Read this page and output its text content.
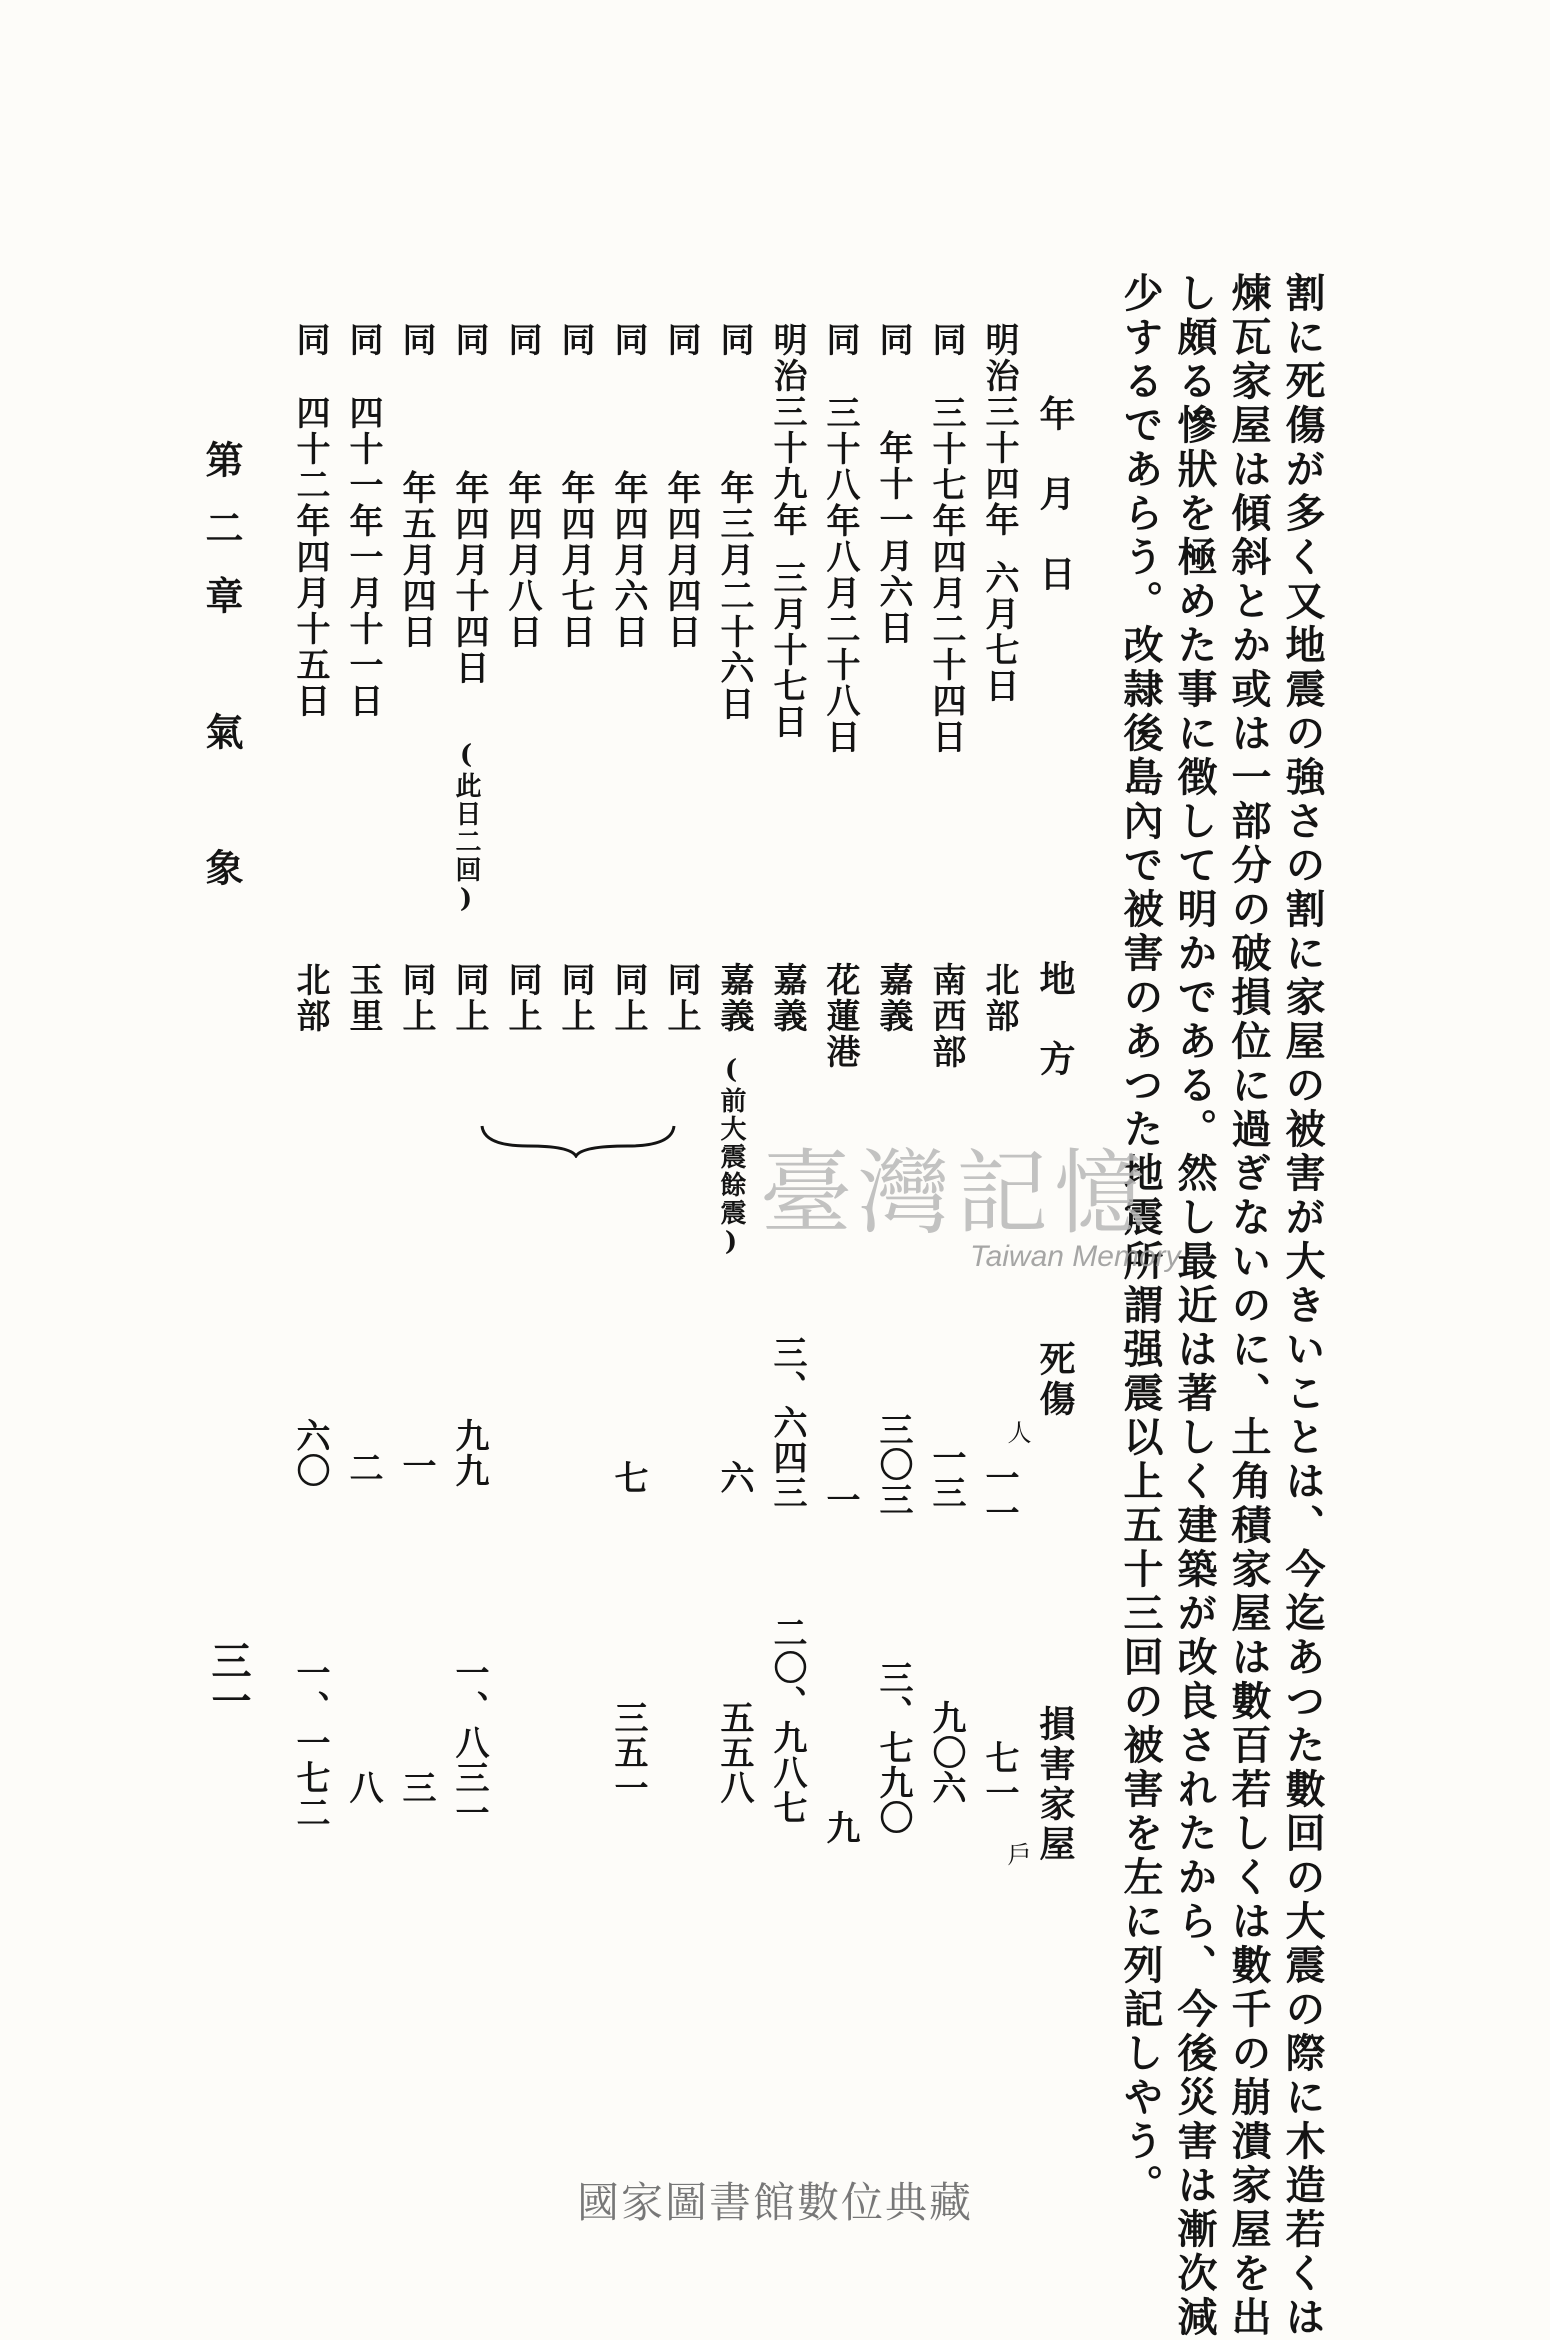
割に死傷が多く又地震の強さの割に家屋の被害が大きいことは、今迄あつた數回の大震の際に木造若くは
煉瓦家屋は傾斜とか或は一部分の破損位に過ぎないのに、土角積家屋は數百若しくは數千の崩潰家屋を出
し頗る慘狀を極めた事に徴して明かである。然し最近は著しく建築が改良されたから、今後災害は漸次減
少するであらう。改隷後島內で被害のあつた地震所謂强震以上五十三回の被害を左に列記しやう。
年　月　日
地　方
死傷
人
損害家屋
戶
明治三十四年
六月七日
北部
一一
七一
同
三十七年四月二十四日
南西部
一三
九〇六
同
年十一月六日
嘉義
三〇三
三、七九〇
同
三十八年八月二十八日
花蓮港
一
九
明治三十九年
三月十七日
嘉義
三、六四三
二〇、九八七
同
年三月二十六日
嘉義
(前大震餘震)
六
五五八
同
年四月四日
同上
同
年四月六日
同上
七
三五一
同
年四月七日
同上
同
年四月八日
同上
同
年四月十四日
(此日二回)
同上
九九
一、八三一
同
年五月四日
同上
一
三
同
四十一年一月十一日
玉里
二
八
同
四十二年四月十五日
北部
六〇
一、一七二
第二章　氣　象
三一
臺灣記憶
Taiwan Memory
國家圖書館數位典藏
